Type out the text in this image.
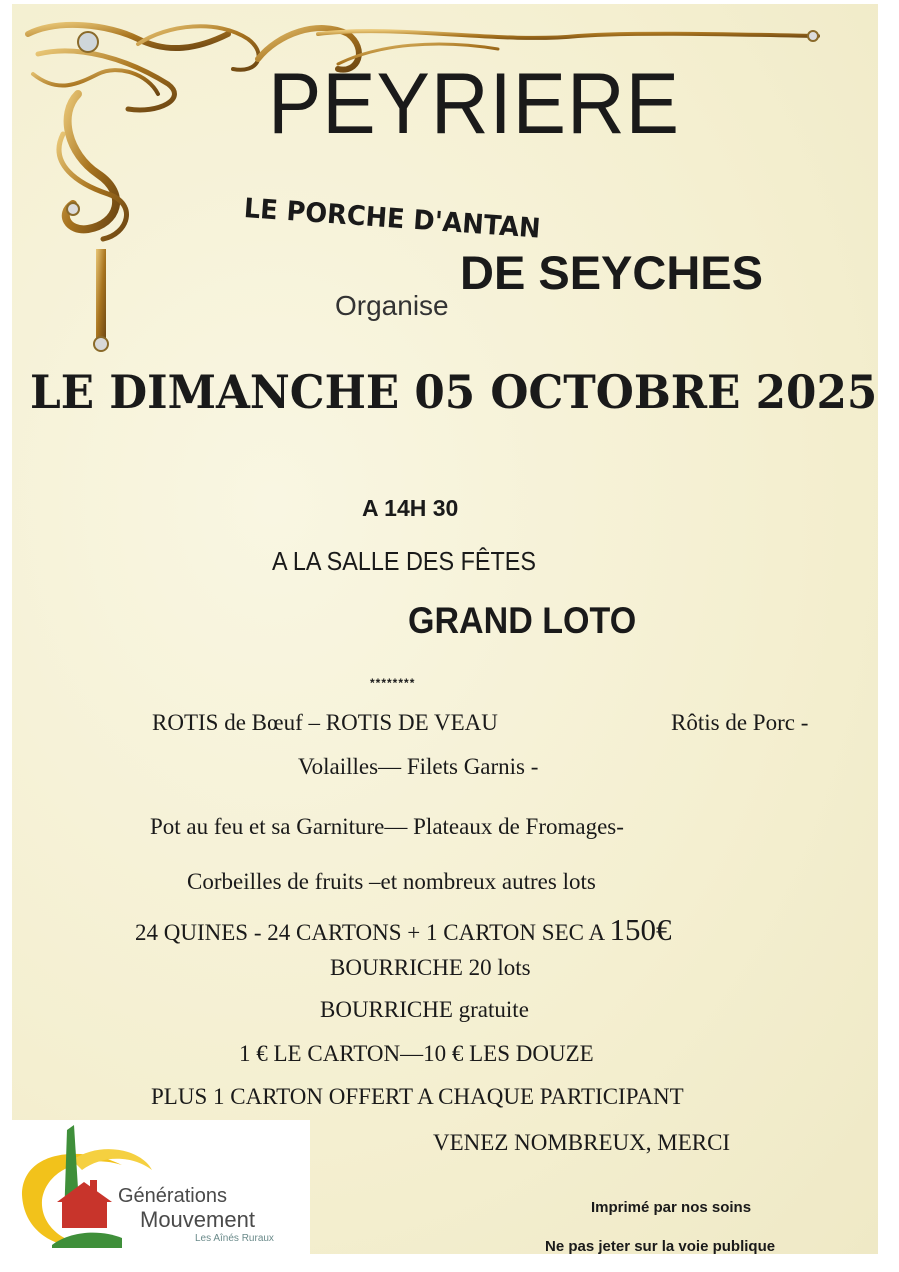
PEYRIERE
LE PORCHE D'ANTAN
DE SEYCHES
Organise
LE DIMANCHE 05 OCTOBRE 2025
A 14H 30
A LA SALLE DES FÊTES
GRAND LOTO
********
ROTIS de Bœuf – ROTIS DE VEAU	Rôtis de Porc -
Volailles— Filets Garnis -
Pot au feu et sa Garniture— Plateaux de Fromages-
Corbeilles de fruits –et nombreux autres lots
24 QUINES - 24 CARTONS + 1 CARTON SEC A 150€
BOURRICHE 20 lots
BOURRICHE gratuite
1 € LE CARTON—10 € LES DOUZE
PLUS 1 CARTON OFFERT A CHAQUE PARTICIPANT
VENEZ NOMBREUX, MERCI
Imprimé par nos soins
Ne pas jeter sur la voie publique
Générations
Mouvement
Les Aînés Ruraux
